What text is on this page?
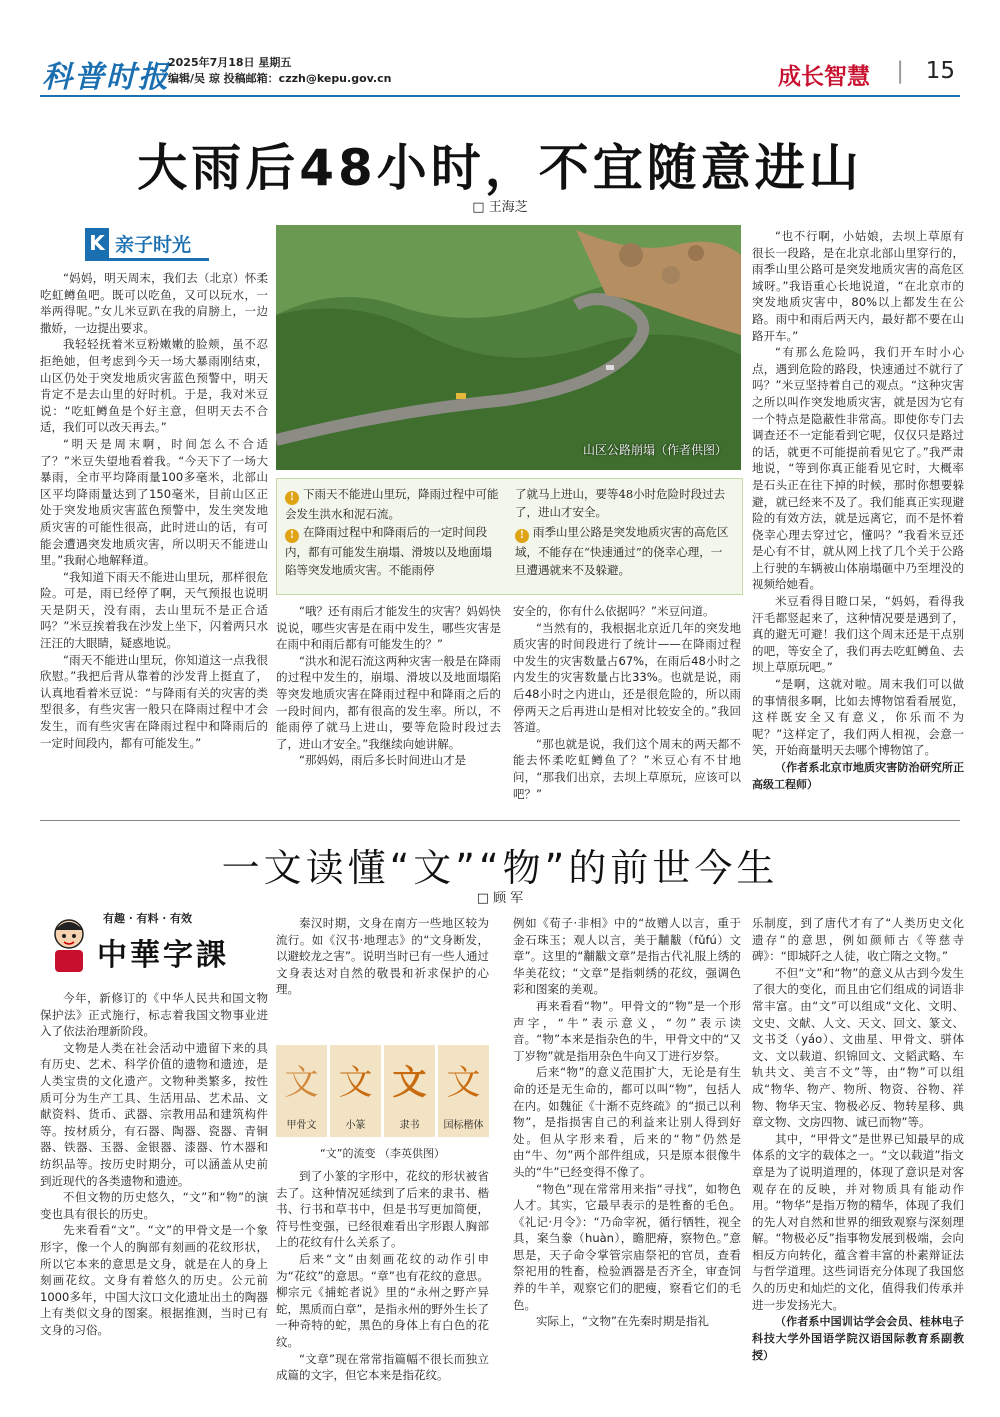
科普时报
2025年7月18日 星期五
编辑/吴 琼 投稿邮箱：czzh@kepu.gov.cn	成长智慧 | 15
大雨后48小时，不宜随意进山
□ 王海芝
K 亲子时光

“妈妈，明天周末，我们去（北京）怀柔吃虹鳟鱼吧。既可以吃鱼，又可以玩水，一举两得呢。”女儿米豆趴在我的肩膀上，一边撒娇，一边提出要求。

我轻轻抚着米豆粉嫩嫩的脸颊，虽不忍拒绝她，但考虑到今天一场大暴雨刚结束，山区仍处于突发地质灾害蓝色预警中，明天肯定不是去山里的好时机。于是，我对米豆说：“吃虹鳟鱼是个好主意，但明天去不合适，我们可以改天再去。”

“明天是周末啊，时间怎么不合适了？”米豆失望地看着我。“今天下了一场大暴雨，全市平均降雨量100多毫米，北部山区平均降雨量达到了150毫米，目前山区正处于突发地质灾害蓝色预警中，发生突发地质灾害的可能性很高，此时进山的话，有可能会遭遇突发地质灾害，所以明天不能进山里。”我耐心地解释道。

“我知道下雨天不能进山里玩，那样很危险。可是，雨已经停了啊，天气预报也说明天是阴天，没有雨，去山里玩不是正合适吗？”米豆挨着我在沙发上坐下，闪着两只水汪汪的大眼睛，疑惑地说。

“雨天不能进山里玩，你知道这一点我很欣慰。”我把后背从靠着的沙发背上挺直了，认真地看着米豆说：“与降雨有关的灾害的类型很多，有些灾害一般只在降雨过程中才会发生，而有些灾害在降雨过程中和降雨后的一定时间段内，都有可能发生。”

山区公路崩塌（作者供图）
! 下雨天不能进山里玩，降雨过程中可能会发生洪水和泥石流。
! 在降雨过程中和降雨后的一定时间段内，都有可能发生崩塌、滑坡以及地面塌陷等突发地质灾害。不能雨停
了就马上进山，要等48小时危险时段过去了，进山才安全。
! 雨季山里公路是突发地质灾害的高危区域，不能存在“快速通过”的侥幸心理，一旦遭遇就来不及躲避。

“哦？还有雨后才能发生的灾害？妈妈快说说，哪些灾害是在雨中发生，哪些灾害是在雨中和雨后都有可能发生的？”

“洪水和泥石流这两种灾害一般是在降雨的过程中发生的，崩塌、滑坡以及地面塌陷等突发地质灾害在降雨过程中和降雨之后的一段时间内，都有很高的发生率。所以，不能雨停了就马上进山，要等危险时段过去了，进山才安全。”我继续向她讲解。

“那妈妈，雨后多长时间进山才是

安全的，你有什么依据吗？”米豆问道。

“当然有的，我根据北京近几年的突发地质灾害的时间段进行了统计——在降雨过程中发生的灾害数量占67%，在雨后48小时之内发生的灾害数量占比33%。也就是说，雨后48小时之内进山，还是很危险的，所以雨停两天之后再进山是相对比较安全的。”我回答道。

“那也就是说，我们这个周末的两天都不能去怀柔吃虹鳟鱼了？”米豆心有不甘地问，“那我们出京，去坝上草原玩，应该可以吧？”

“也不行啊，小姑娘，去坝上草原有很长一段路，是在北京北部山里穿行的，雨季山里公路可是突发地质灾害的高危区域呀。”我语重心长地说道，“在北京市的突发地质灾害中，80%以上都发生在公路。雨中和雨后两天内，最好都不要在山路开车。”

“有那么危险吗，我们开车时小心点，遇到危险的路段，快速通过不就行了吗？”米豆坚持着自己的观点。“这种灾害之所以叫作突发地质灾害，就是因为它有一个特点是隐蔽性非常高。即使你专门去调查还不一定能看到它呢，仅仅只是路过的话，就更不可能提前看见它了。”我严肃地说，“等到你真正能看见它时，大概率是石头正在往下掉的时候，那时你想要躲避，就已经来不及了。我们能真正实现避险的有效方法，就是远离它，而不是怀着侥幸心理去穿过它，懂吗？”我看米豆还是心有不甘，就从网上找了几个关于公路上行驶的车辆被山体崩塌砸中乃至埋没的视频给她看。

米豆看得目瞪口呆，“妈妈，看得我汗毛都竖起来了，这种情况要是遇到了，真的避无可避！我们这个周末还是干点别的吧，等安全了，我们再去吃虹鳟鱼、去坝上草原玩吧。”

“是啊，这就对啦。周末我们可以做的事情很多啊，比如去博物馆看看展览，这样既安全又有意义，你乐而不为呢？”这样定了，我们两人相视，会意一笑，开始商量明天去哪个博物馆了。

（作者系北京市地质灾害防治研究所正高级工程师）

一文读懂“文”“物”的前世今生
□ 顾 军
有趣 · 有料 · 有效
中華字課

今年，新修订的《中华人民共和国文物保护法》正式施行，标志着我国文物事业进入了依法治理新阶段。

文物是人类在社会活动中遗留下来的具有历史、艺术、科学价值的遗物和遗迹，是人类宝贵的文化遗产。文物种类繁多，按性质可分为生产工具、生活用品、艺术品、文献资料、货币、武器、宗教用品和建筑构件等。按材质分，有石器、陶器、瓷器、青铜器、铁器、玉器、金银器、漆器、竹木器和纺织品等。按历史时期分，可以涵盖从史前到近现代的各类遗物和遗迹。

不但文物的历史悠久，“文”和“物”的演变也具有很长的历史。

先来看看“文”。“文”的甲骨文是一个象形字，像一个人的胸部有刻画的花纹形状，所以它本来的意思是文身，就是在人的身上刻画花纹。文身有着悠久的历史。公元前1000多年，中国大汶口文化遗址出土的陶器上有类似文身的图案。根据推测，当时已有文身的习俗。

秦汉时期，文身在南方一些地区较为流行。如《汉书·地理志》的“文身断发，以避蛟龙之害”。说明当时已有一些人通过文身表达对自然的敬畏和祈求保护的心理。

文
甲骨文
文
小篆
文
隶书
文
国标楷体
“文”的流变 （李英供图）

到了小篆的字形中，花纹的形状被省去了。这种情况延续到了后来的隶书、楷书、行书和草书中，但是书写更加简便，符号性变强，已经很难看出字形跟人胸部上的花纹有什么关系了。

后来“文”由刻画花纹的动作引申为“花纹”的意思。“章”也有花纹的意思。柳宗元《捕蛇者说》里的“永州之野产异蛇，黑质而白章”，是指永州的野外生长了一种奇特的蛇，黑色的身体上有白色的花纹。

“文章”现在常常指篇幅不很长而独立成篇的文字，但它本来是指花纹。

例如《荀子·非相》中的“故赠人以言，重于金石珠玉；观人以言，美于黼黻（fǔfú）文章”。这里的“黼黻文章”是指古代礼服上绣的华美花纹；“文章”是指刺绣的花纹，强调色彩和图案的美观。

再来看看“物”。甲骨文的“物”是一个形声字，“牛”表示意义，“勿”表示读音。“物”本来是指杂色的牛，甲骨文中的“又丁岁物”就是指用杂色牛向又丁进行岁祭。

后来“物”的意义范围扩大，无论是有生命的还是无生命的，都可以叫“物”，包括人在内。如魏征《十渐不克终疏》的“损己以利物”，是指损害自己的利益来让别人得到好处。但从字形来看，后来的“物”仍然是由“牛、勿”两个部件组成，只是原本很像牛头的“牛”已经变得不像了。

“物色”现在常常用来指“寻找”，如物色人才。其实，它最早表示的是牲畜的毛色。《礼记·月令》：“乃命宰祝，循行牺牲，视全具，案刍豢（huàn），瞻肥瘠，察物色。”意思是，天子命令掌管宗庙祭祀的官员，查看祭祀用的牲畜，检验酒器是否齐全，审查饲养的牛羊，观察它们的肥瘦，察看它们的毛色。

实际上，“文物”在先秦时期是指礼

乐制度，到了唐代才有了“人类历史文化遗存”的意思，例如颜师古《等慈寺碑》：“即城阡之人徒，收亡隋之文物。”

不但“文”和“物”的意义从古到今发生了很大的变化，而且由它们组成的词语非常丰富。由“文”可以组成“文化、文明、文史、文献、人文、天文、回文、篆文、文书爻（yáo）、文曲星、甲骨文、骈体文、文以载道、织锦回文、文韬武略、车轨共文、美言不文”等，由“物”可以组成“物华、物产、物所、物资、谷物、祥物、物华天宝、物极必反、物转星移、典章文物、文房四物、诚已而物”等。

其中，“甲骨文”是世界已知最早的成体系的文字的载体之一。“文以载道”指文章是为了说明道理的，体现了意识是对客观存在的反映，并对物质具有能动作用。“物华”是指万物的精华，体现了我们的先人对自然和世界的细致观察与深刻理解。“物极必反”指事物发展到极端，会向相反方向转化，蕴含着丰富的朴素辩证法与哲学道理。这些词语充分体现了我国悠久的历史和灿烂的文化，值得我们传承并进一步发扬光大。

（作者系中国训诂学会会员、桂林电子科技大学外国语学院汉语国际教育系副教授）
